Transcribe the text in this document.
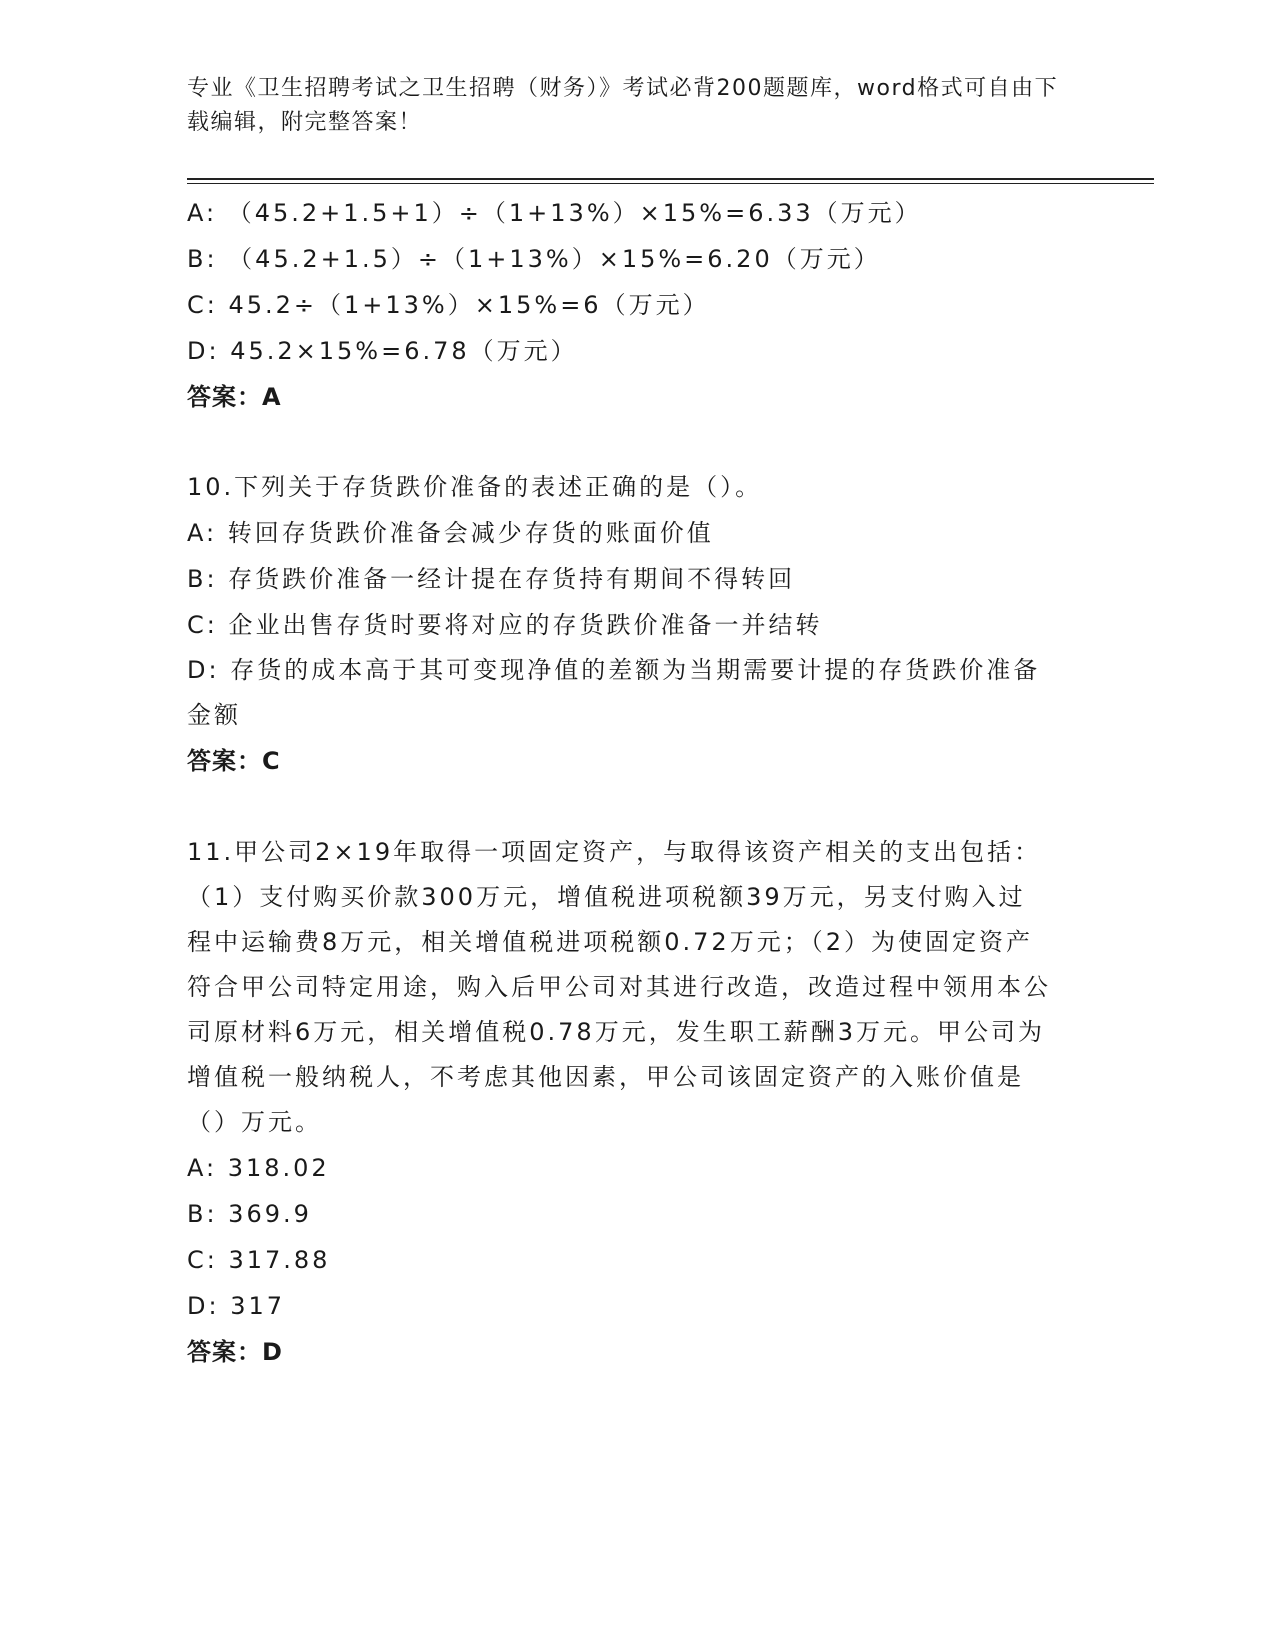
专业《卫生招聘考试之卫生招聘（财务）》考试必背200题题库，word格式可自由下载编辑，附完整答案！
A: （45.2+1.5+1）÷（1+13%）×15%=6.33（万元）
B: （45.2+1.5）÷（1+13%）×15%=6.20（万元）
C: 45.2÷（1+13%）×15%=6（万元）
D: 45.2×15%=6.78（万元）
答案：A
10.下列关于存货跌价准备的表述正确的是（）。
A: 转回存货跌价准备会减少存货的账面价值
B: 存货跌价准备一经计提在存货持有期间不得转回
C: 企业出售存货时要将对应的存货跌价准备一并结转
D: 存货的成本高于其可变现净值的差额为当期需要计提的存货跌价准备金额
答案：C
11.甲公司2×19年取得一项固定资产，与取得该资产相关的支出包括：（1）支付购买价款300万元，增值税进项税额39万元，另支付购入过程中运输费8万元，相关增值税进项税额0.72万元；（2）为使固定资产符合甲公司特定用途，购入后甲公司对其进行改造，改造过程中领用本公司原材料6万元，相关增值税0.78万元，发生职工薪酬3万元。甲公司为增值税一般纳税人，不考虑其他因素，甲公司该固定资产的入账价值是（）万元。
A: 318.02
B: 369.9
C: 317.88
D: 317
答案：D
